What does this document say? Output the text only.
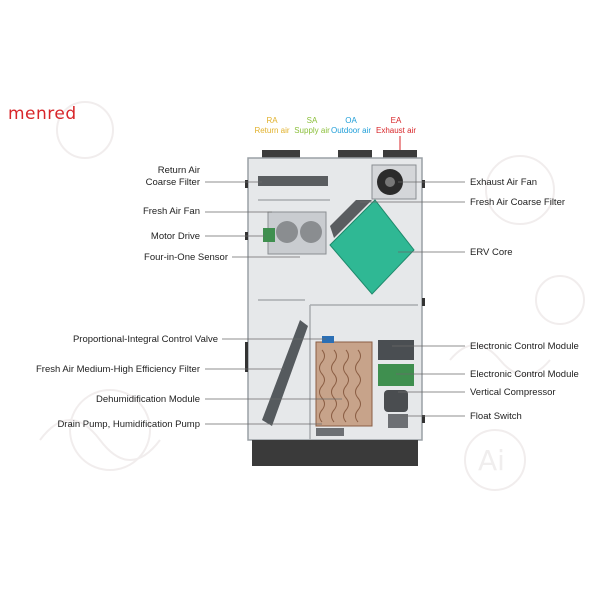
Ai
menred	RA
Return air
SA
Supply air
OA
Outdoor air
EA
Exhaust air
Return Air
Coarse Filter
Fresh Air Fan
Motor Drive
Four-in-One Sensor
Proportional-Integral Control Valve
Fresh Air Medium-High Efficiency Filter
Dehumidification Module
Drain Pump, Humidification Pump
Exhaust Air Fan
Fresh Air Coarse Filter
ERV Core
Electronic Control Module
Electronic Control Module
Vertical Compressor
Float Switch
